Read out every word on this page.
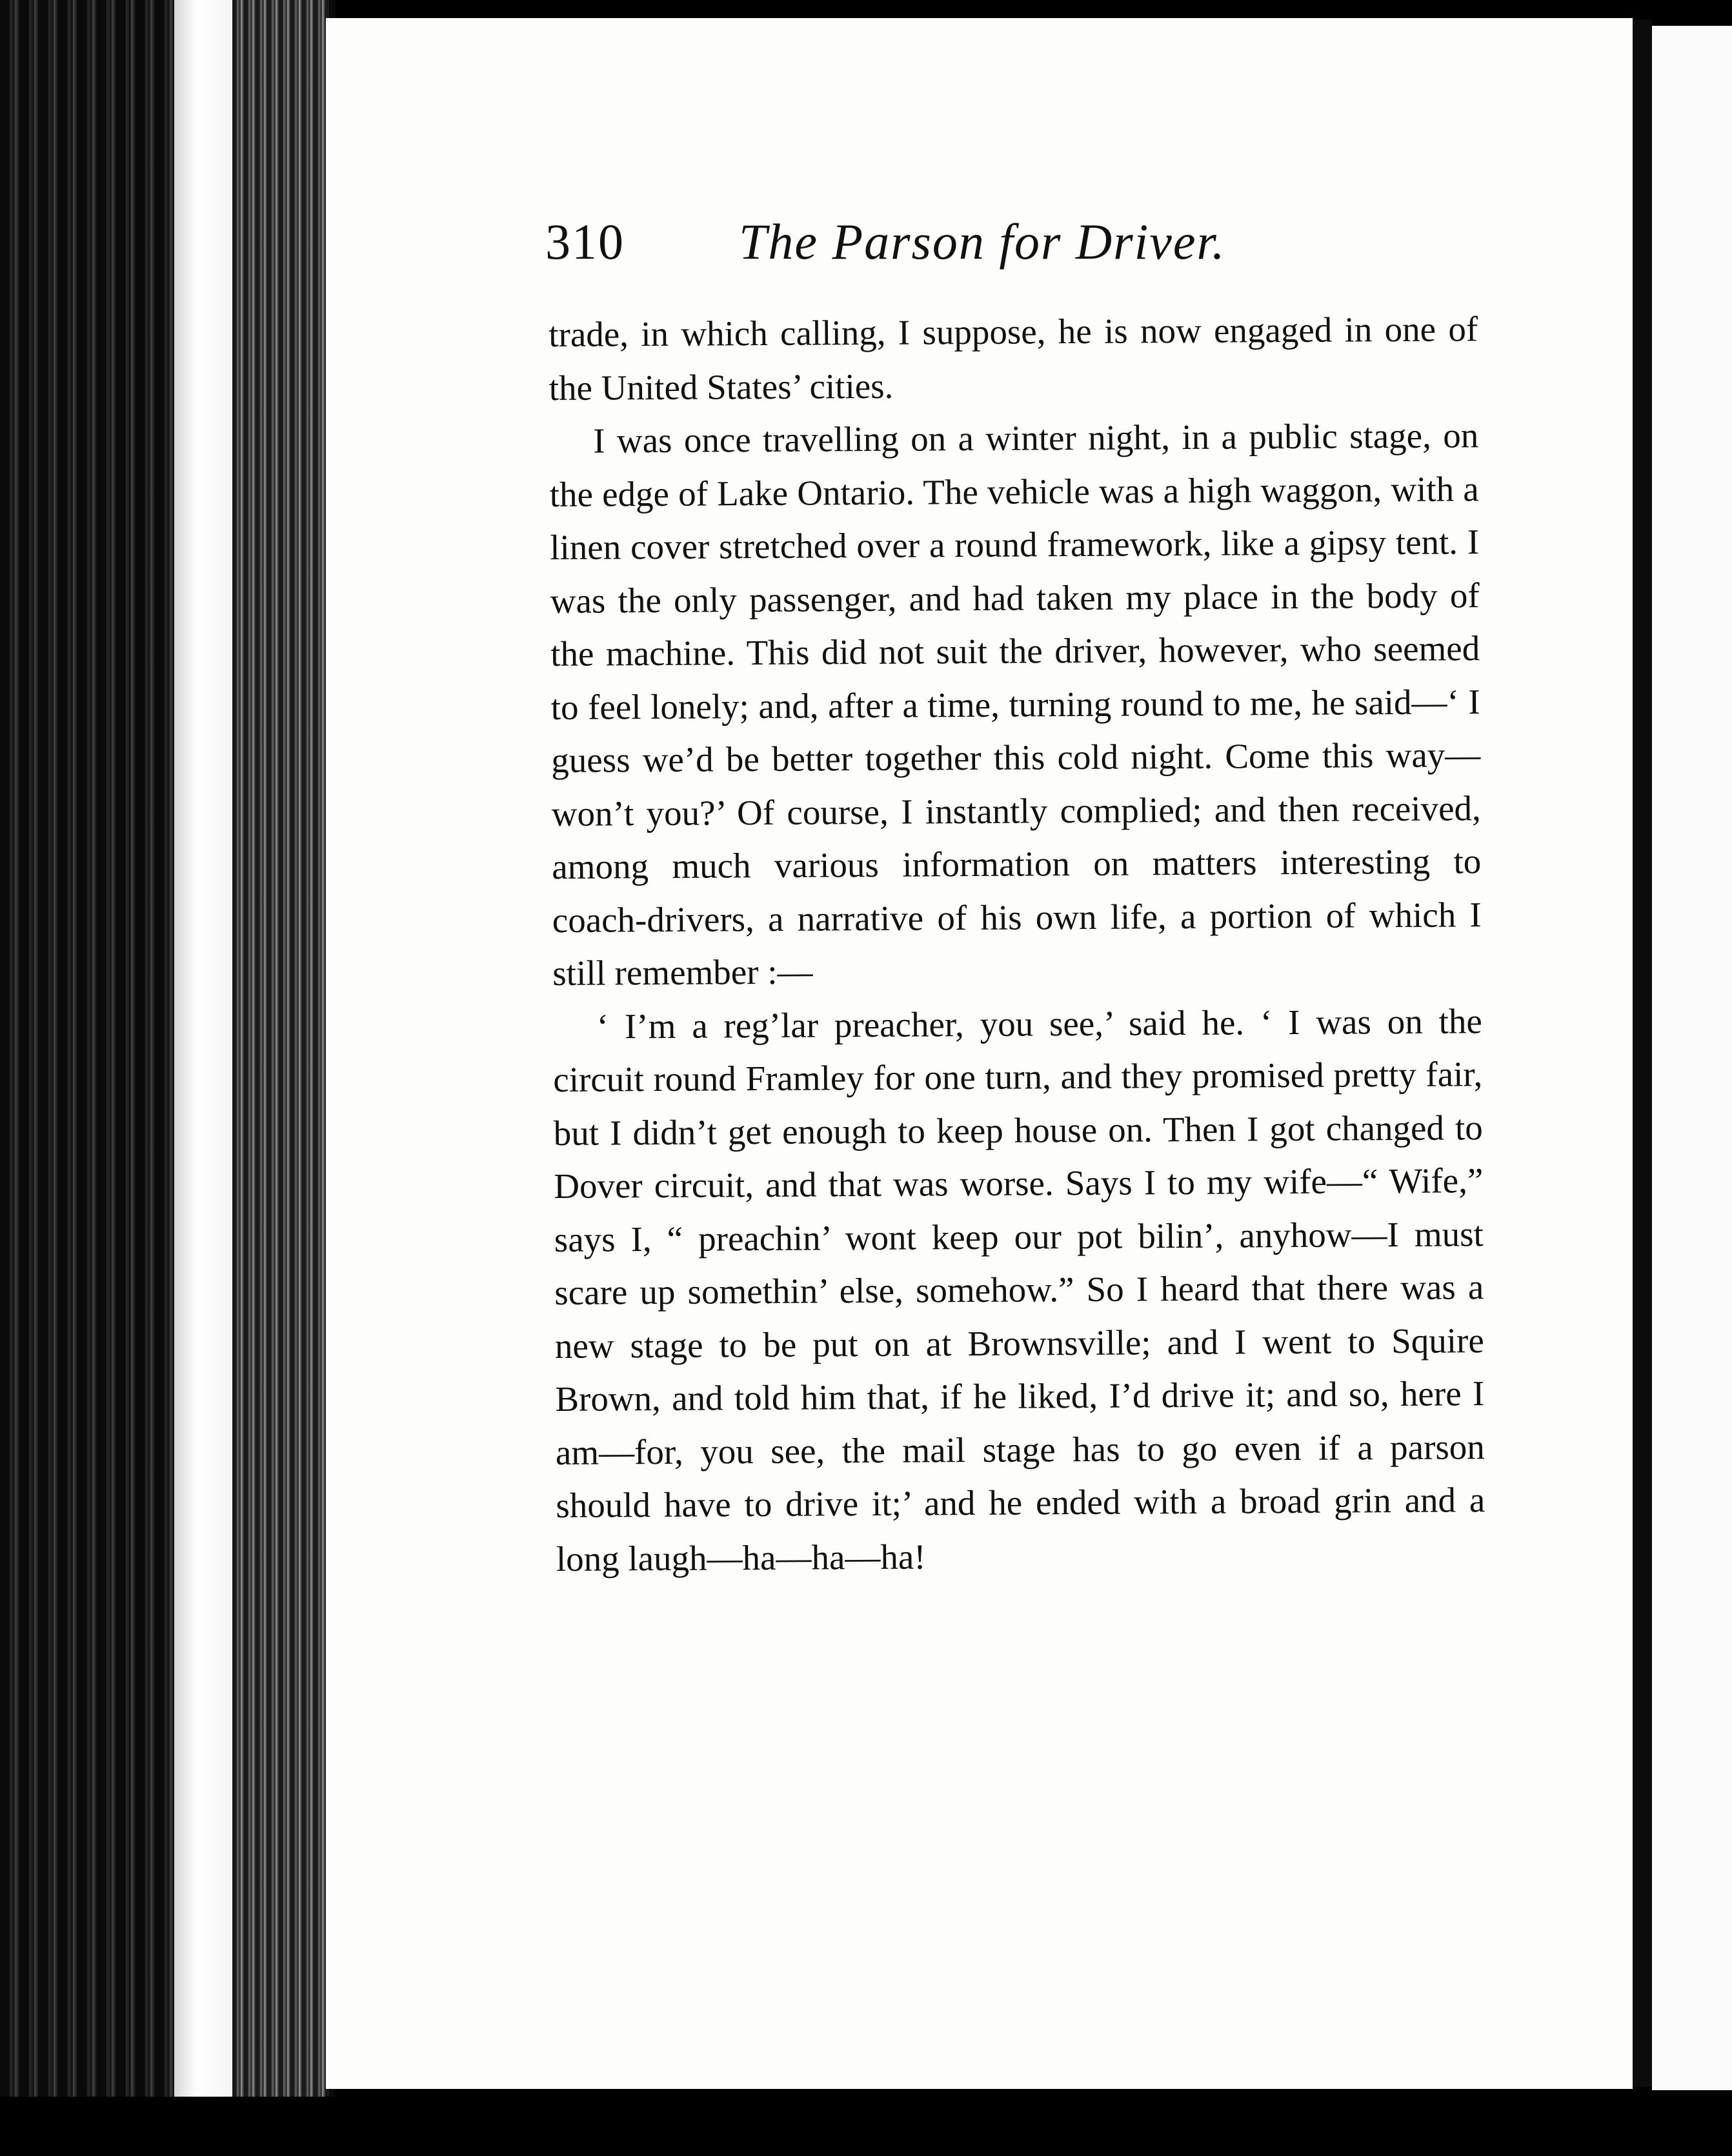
310 The Parson for Driver.

trade, in which calling, I suppose, he is now engaged in one of the United States’ cities.

I was once travelling on a winter night, in a public stage, on the edge of Lake Ontario. The vehicle was a high waggon, with a linen cover stretched over a round framework, like a gipsy tent. I was the only passenger, and had taken my place in the body of the machine. This did not suit the driver, however, who seemed to feel lonely; and, after a time, turning round to me, he said—‘ I guess we’d be better together this cold night. Come this way—won’t you?’ Of course, I instantly complied; and then received, among much various information on matters interesting to coach-drivers, a narrative of his own life, a portion of which I still remember :—

‘ I’m a reg’lar preacher, you see,’ said he. ‘ I was on the circuit round Framley for one turn, and they promised pretty fair, but I didn’t get enough to keep house on. Then I got changed to Dover circuit, and that was worse. Says I to my wife—“ Wife,” says I, “ preachin’ wont keep our pot bilin’, anyhow—I must scare up somethin’ else, somehow.” So I heard that there was a new stage to be put on at Brownsville; and I went to Squire Brown, and told him that, if he liked, I’d drive it; and so, here I am—for, you see, the mail stage has to go even if a parson should have to drive it;’ and he ended with a broad grin and a long laugh—ha—ha—ha!
